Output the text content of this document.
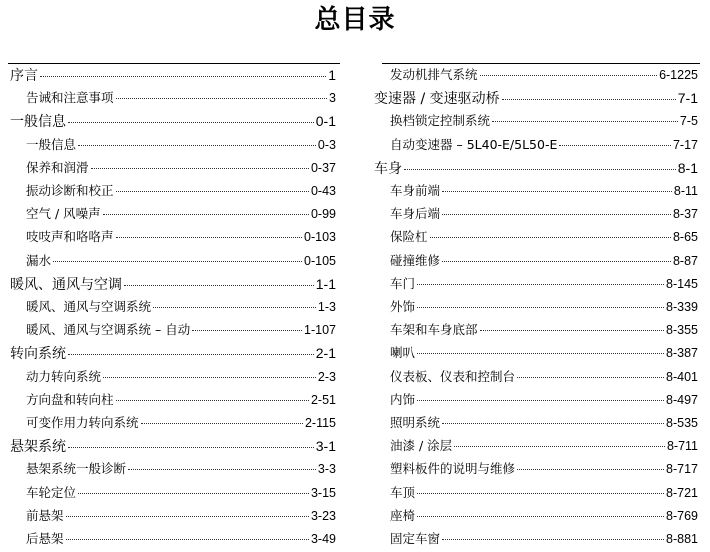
总目录
序言	1
告诫和注意事项	3
一般信息	0-1
一般信息	0-3
保养和润滑	0-37
振动诊断和校正	0-43
空气 / 风噪声	0-99
吱吱声和咯咯声	0-103
漏水	0-105
暖风、通风与空调	1-1
暖风、通风与空调系统	1-3
暖风、通风与空调系统 – 自动	1-107
转向系统	2-1
动力转向系统	2-3
方向盘和转向柱	2-51
可变作用力转向系统	2-115
悬架系统	3-1
悬架系统一般诊断	3-3
车轮定位	3-15
前悬架	3-23
后悬架	3-49
发动机排气系统	6-1225
变速器 / 变速驱动桥	7-1
换档锁定控制系统	7-5
自动变速器 – 5L40-E/5L50-E	7-17
车身	8-1
车身前端	8-11
车身后端	8-37
保险杠	8-65
碰撞维修	8-87
车门	8-145
外饰	8-339
车架和车身底部	8-355
喇叭	8-387
仪表板、仪表和控制台	8-401
内饰	8-497
照明系统	8-535
油漆 / 涂层	8-711
塑料板件的说明与维修	8-717
车顶	8-721
座椅	8-769
固定车窗	8-881
